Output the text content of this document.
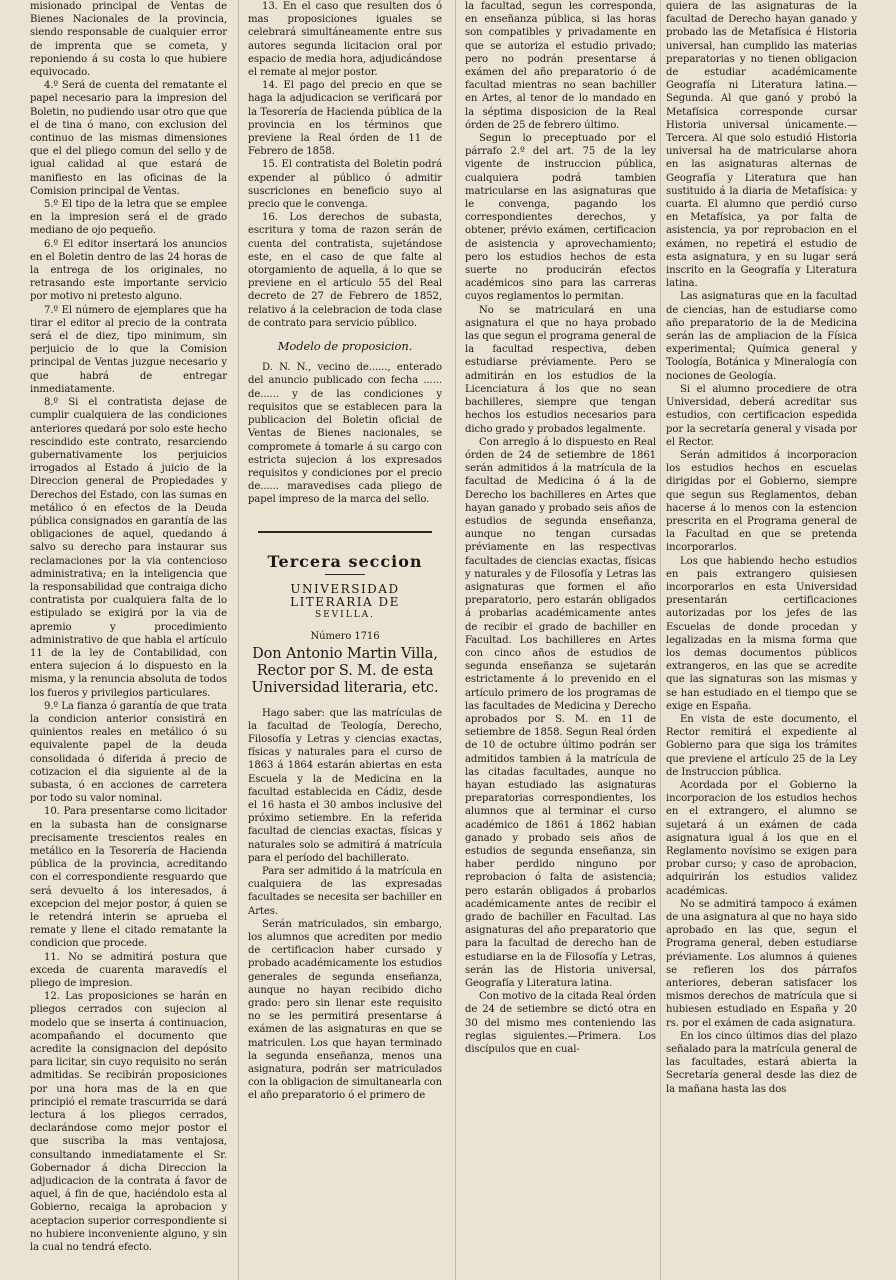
misionado principal de Ventas de Bienes Nacionales de la provincia, siendo responsable de cualquier error de imprenta que se cometa, y reponiendo á su costa lo que hubiere equivocado.

4.º Será de cuenta del rematante el papel necesario para la impresion del Boletin, no pudiendo usar otro que que el de tina ó mano, con exclusion del continuo de las mismas dimensiones que el del pliego comun del sello y de igual calidad al que estará de manifiesto en las oficinas de la Comision principal de Ventas.

5.º El tipo de la letra que se emplee en la impresion será el de grado mediano de ojo pequeño.

6.º El editor insertará los anuncios en el Boletin dentro de las 24 horas de la entrega de los originales, no retrasando este importante servicio por motivo ni pretesto alguno.

7.º El número de ejemplares que ha tirar el editor al precio de la contrata será el de diez, tipo minimum, sin perjuicio de lo que la Comision principal de Ventas juzgue necesario y que habrá de entregar inmediatamente.

8.º Si el contratista dejase de cumplir cualquiera de las condiciones anteriores quedará por solo este hecho rescindido este contrato, resarciendo gubernativamente los perjuicios irrogados al Estado á juicio de la Direccion general de Propiedades y Derechos del Estado, con las sumas en metálico ó en efectos de la Deuda pública consignados en garantía de las obligaciones de aquel, quedando á salvo su derecho para instaurar sus reclamaciones por la via contencioso administrativa; en la inteligencia que la responsabilidad que contraiga dicho contratista por cualquiera falta de lo estipulado se exigirá por la via de apremio y procedimiento administrativo de que habla el artículo 11 de la ley de Contabilidad, con entera sujecion á lo dispuesto en la misma, y la renuncia absoluta de todos los fueros y privilegios particulares.

9.º La fianza ó garantía de que trata la condicion anterior consistirá en quinientos reales en metálico ó su equivalente papel de la deuda consolidada ó diferida á precio de cotizacion el dia siguiente al de la subasta, ó en acciones de carretera por todo su valor nominal.

10. Para presentarse como licitador en la subasta han de consignarse precisamente trescientos reales en metálico en la Tesorería de Hacienda pública de la provincia, acreditando con el correspondiente resguardo que será devuelto á los interesados, á excepcion del mejor postor, á quien se le retendrá interin se aprueba el remate y llene el citado rematante la condicion que procede.

11. No se admitirá postura que exceda de cuarenta maravedís el pliego de impresion.

12. Las proposiciones se harán en pliegos cerrados con sujecion al modelo que se inserta á continuacion, acompañando el documento que acredite la consignacion del depósito para licitar, sin cuyo requisito no serán admitidas. Se recibirán proposiciones por una hora mas de la en que principió el remate trascurrida se dará lectura á los pliegos cerrados, declarándose como mejor postor el que suscriba la mas ventajosa, consultando inmediatamente el Sr. Gobernador á dicha Direccion la adjudicacion de la contrata á favor de aquel, á fin de que, haciéndolo esta al Gobierno, recaiga la aprobacion y aceptacion superior correspondiente si no hubiere inconveniente alguno, y sin la cual no tendrá efecto.

13. En el caso que resulten dos ó mas proposiciones iguales se celebrará simultáneamente entre sus autores segunda licitacion oral por espacio de media hora, adjudicándose el remate al mejor postor.

14. El pago del precio en que se haga la adjudicacion se verificará por la Tesorería de Hacienda pública de la provincia en los términos que previene la Real órden de 11 de Febrero de 1858.

15. El contratista del Boletin podrá expender al público ó admitir suscriciones en beneficio suyo al precio que le convenga.

16. Los derechos de subasta, escritura y toma de razon serán de cuenta del contratista, sujetándose este, en el caso de que falte al otorgamiento de aquella, á lo que se previene en el artículo 55 del Real decreto de 27 de Febrero de 1852, relativo á la celebracion de toda clase de contrato para servicio público.

Modelo de proposicion.

D. N. N., vecino de......, enterado del anuncio publicado con fecha ...... de...... y de las condiciones y requisitos que se establecen para la publicacion del Boletin oficial de Ventas de Bienes nacionales, se compromete á tomarle á su cargo con estricta sujecion á los expresados requisitos y condiciones por el precio de...... maravedises cada pliego de papel impreso de la marca del sello.

Tercera seccion
UNIVERSIDAD LITERARIA DE
SEVILLA.
Número 1716
Don Antonio Martin Villa, Rector por S. M. de esta Universidad literaria, etc.

Hago saber: que las matrículas de la facultad de Teología, Derecho, Filosofía y Letras y ciencias exactas, físicas y naturales para el curso de 1863 á 1864 estarán abiertas en esta Escuela y la de Medicina en la facultad establecida en Cádiz, desde el 16 hasta el 30 ambos inclusive del próximo setiembre. En la referida facultad de ciencias exactas, físicas y naturales solo se admitirá á matrícula para el período del bachillerato.

Para ser admitido á la matrícula en cualquiera de las expresadas facultades se necesita ser bachiller en Artes.

Serán matriculados, sin embargo, los alumnos que acrediten por medio de certificacion haber cursado y probado académicamente los estudios generales de segunda enseñanza, aunque no hayan recibido dicho grado: pero sin llenar este requisito no se les permitirá presentarse á exámen de las asignaturas en que se matriculen. Los que hayan terminado la segunda enseñanza, menos una asignatura, podrán ser matriculados con la obligacion de simultanearla con el año preparatorio ó el primero de

la facultad, segun les corresponda, en enseñanza pública, si las horas son compatibles y privadamente en que se autoriza el estudio privado; pero no podrán presentarse á exámen del año preparatorio ó de facultad mientras no sean bachiller en Artes, al tenor de lo mandado en la séptima disposicion de la Real órden de 25 de febrero último.

Segun lo preceptuado por el párrafo 2.º del art. 75 de la ley vigente de instruccion pública, cualquiera podrá tambien matricularse en las asignaturas que le convenga, pagando los correspondientes derechos, y obtener, prévio exámen, certificacion de asistencia y aprovechamiento; pero los estudios hechos de esta suerte no producirán efectos académicos sino para las carreras cuyos reglamentos lo permitan.

No se matriculará en una asignatura el que no haya probado las que segun el programa general de la facultad respectiva, deben estudiarse préviamente. Pero se admitirán en los estudios de la Licenciatura á los que no sean bachilleres, siempre que tengan hechos los estudios necesarios para dicho grado y probados legalmente.

Con arreglo á lo dispuesto en Real órden de 24 de setiembre de 1861 serán admitidos á la matrícula de la facultad de Medicina ó á la de Derecho los bachilleres en Artes que hayan ganado y probado seis años de estudios de segunda enseñanza, aunque no tengan cursadas préviamente en las respectivas facultades de ciencias exactas, físicas y naturales y de Filosofía y Letras las asignaturas que formen el año preparatorio, pero estarán obligados á probarlas académicamente antes de recibir el grado de bachiller en Facultad. Los bachilleres en Artes con cinco años de estudios de segunda enseñanza se sujetarán estrictamente á lo prevenido en el artículo primero de los programas de las facultades de Medicina y Derecho aprobados por S. M. en 11 de setiembre de 1858. Segun Real órden de 10 de octubre último podrán ser admitidos tambien á la matrícula de las citadas facultades, aunque no hayan estudiado las asignaturas preparatorias correspondientes, los alumnos que al terminar el curso académico de 1861 á 1862 habian ganado y probado seis años de estudios de segunda enseñanza, sin haber perdido ninguno por reprobacion ó falta de asistencia; pero estarán obligados á probarlos académicamente antes de recibir el grado de bachiller en Facultad. Las asignaturas del año preparatorio que para la facultad de derecho han de estudiarse en la de Filosofía y Letras, serán las de Historia universal, Geografía y Literatura latina.

Con motivo de la citada Real órden de 24 de setiembre se dictó otra en 30 del mismo mes conteniendo las reglas siguientes.—Primera. Los discípulos que en cual-

quiera de las asignaturas de la facultad de Derecho hayan ganado y probado las de Metafísica é Historia universal, han cumplido las materias preparatorias y no tienen obligacion de estudiar académicamente Geografía ni Literatura latina.—Segunda. Al que ganó y probó la Metafísica corresponde cursar Historia universal únicamente.—Tercera. Al que solo estudió Historia universal ha de matricularse ahora en las asignaturas alternas de Geografía y Literatura que han sustituido á la diaria de Metafísica: y cuarta. El alumno que perdió curso en Metafísica, ya por falta de asistencia, ya por reprobacion en el exámen, no repetirá el estudio de esta asignatura, y en su lugar será inscrito en la Geografía y Literatura latina.

Las asignaturas que en la facultad de ciencias, han de estudiarse como año preparatorio de la de Medicina serán las de ampliacion de la Física experimental; Química general y Toología, Botánica y Mineralogía con nociones de Geología.

Si el alumno procediere de otra Universidad, deberá acreditar sus estudios, con certificacion espedida por la secretaría general y visada por el Rector.

Serán admitidos á incorporacion los estudios hechos en escuelas dirigidas por el Gobierno, siempre que segun sus Reglamentos, deban hacerse á lo menos con la estencion prescrita en el Programa general de la Facultad en que se pretenda incorporarlos.

Los que habiendo hecho estudios en pais extrangero quisiesen incorporarlos en esta Universidad presentarán certificaciones autorizadas por los jefes de las Escuelas de donde procedan y legalizadas en la misma forma que los demas documentos públicos extrangeros, en las que se acredite que las signaturas son las mismas y se han estudiado en el tiempo que se exige en España.

En vista de este documento, el Rector remitirá el expediente al Gobierno para que siga los trámites que previene el artículo 25 de la Ley de Instruccion pública.

Acordada por el Gobierno la incorporacion de los estudios hechos en el extrangero, el alumno se sujetará á un exámen de cada asignatura igual á los que en el Reglamento novísimo se exigen para probar curso; y caso de aprobacion, adquirirán los estudios validez académicas.

No se admitirá tampoco á exámen de una asignatura al que no haya sido aprobado en las que, segun el Programa general, deben estudiarse préviamente. Los alumnos á quienes se refieren los dos párrafos anteriores, deberan satisfacer los mismos derechos de matrícula que si hubiesen estudiado en España y 20 rs. por el exámen de cada asignatura.

En los cinco últimos dias del plazo señalado para la matrícula general de las facultades, estará abierta la Secretaría general desde las diez de la mañana hasta las dos
